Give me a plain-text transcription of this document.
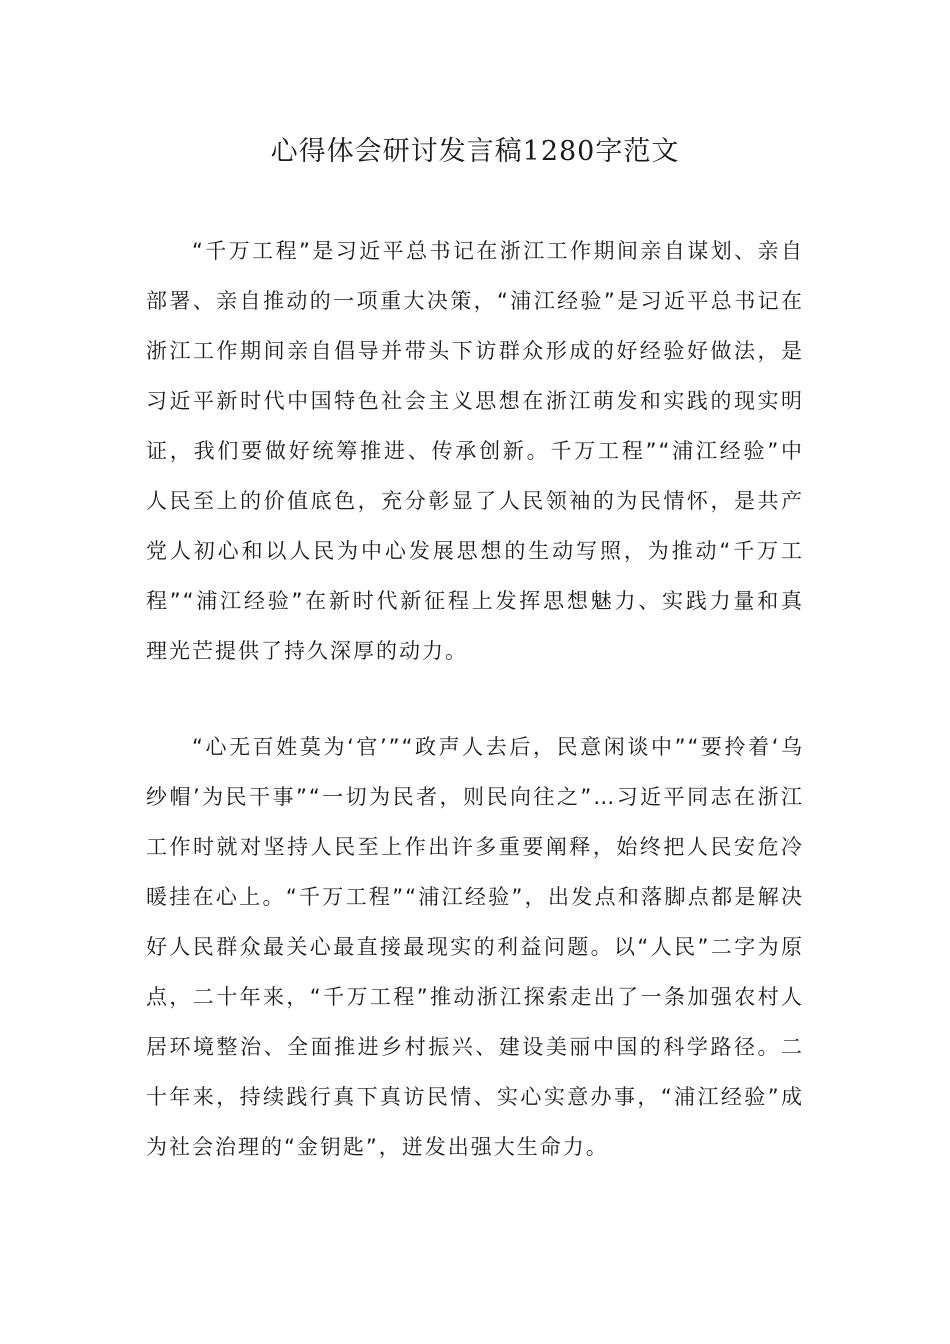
心得体会研讨发言稿1280字范文

“千万工程”是习近平总书记在浙江工作期间亲自谋划、亲自部署、亲自推动的一项重大决策，“浦江经验”是习近平总书记在浙江工作期间亲自倡导并带头下访群众形成的好经验好做法，是习近平新时代中国特色社会主义思想在浙江萌发和实践的现实明证，我们要做好统筹推进、传承创新。千万工程”“浦江经验”中人民至上的价值底色，充分彰显了人民领袖的为民情怀，是共产党人初心和以人民为中心发展思想的生动写照，为推动“千万工程”“浦江经验”在新时代新征程上发挥思想魅力、实践力量和真理光芒提供了持久深厚的动力。

“心无百姓莫为‘官’”“政声人去后，民意闲谈中”“要拎着‘乌纱帽’为民干事”“一切为民者，则民向往之”…习近平同志在浙江工作时就对坚持人民至上作出许多重要阐释，始终把人民安危冷暖挂在心上。“千万工程”“浦江经验”，出发点和落脚点都是解决好人民群众最关心最直接最现实的利益问题。以“人民”二字为原点，二十年来，“千万工程”推动浙江探索走出了一条加强农村人居环境整治、全面推进乡村振兴、建设美丽中国的科学路径。二十年来，持续践行真下真访民情、实心实意办事，“浦江经验”成为社会治理的“金钥匙”，迸发出强大生命力。
